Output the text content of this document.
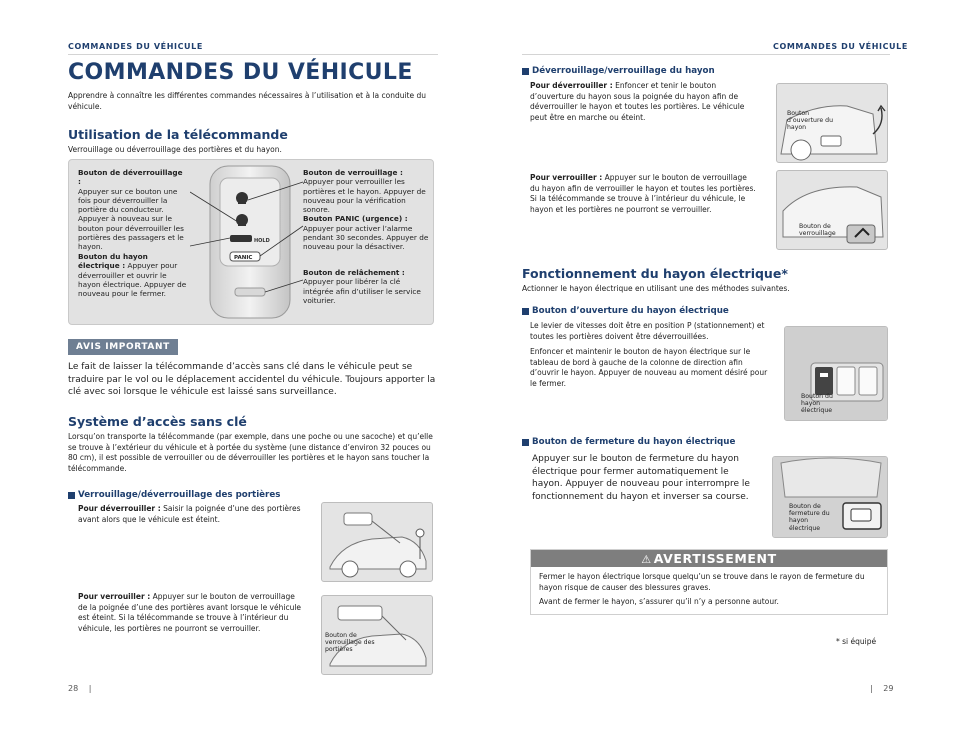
COMMANDES DU VÉHICULE
COMMANDES DU VÉHICULE
Apprendre à connaître les différentes commandes nécessaires à l’utilisation et à la conduite du véhicule.
Utilisation de la télécommande
Verrouillage ou déverrouillage des portières et du hayon.
Bouton de déverrouillage :
Appuyer sur ce bouton une fois pour déverrouiller la portière du conducteur. Appuyer à nouveau sur le bouton pour déverrouiller les portières des passagers et le hayon.
Bouton du hayon électrique : Appuyer pour déverrouiller et ouvrir le hayon électrique. Appuyer de nouveau pour le fermer.
Bouton de verrouillage :
Appuyer pour verrouiller les portières et le hayon. Appuyer de nouveau pour la vérification sonore.
Bouton PANIC (urgence) :
Appuyer pour activer l’alarme pendant 30 secondes. Appuyer de nouveau pour la désactiver.
Bouton de relâchement :
Appuyer pour libérer la clé intégrée afin d’utiliser le service voiturier.
HOLD
PANIC
AVIS IMPORTANT
Le fait de laisser la télécommande d’accès sans clé dans le véhicule peut se traduire par le vol ou le déplacement accidentel du véhicule. Toujours apporter la clé avec soi lorsque le véhicule est laissé sans surveillance.
Système d’accès sans clé
Lorsqu’on transporte la télécommande (par exemple, dans une poche ou une sacoche) et qu’elle se trouve à l’extérieur du véhicule et à portée du système (une distance d’environ 32 pouces ou 80 cm), il est possible de verrouiller ou de déverrouiller les portières et le hayon sans toucher la télécommande.
Verrouillage/déverrouillage des portières
Pour déverrouiller : Saisir la poignée d’une des portières avant alors que le véhicule est éteint.
Pour verrouiller : Appuyer sur le bouton de verrouillage de la poignée d’une des portières avant lorsque le véhicule est éteint. Si la télécommande se trouve à l’intérieur du véhicule, les portières ne pourront se verrouiller.
Bouton de verrouillage des portières
28 |
COMMANDES DU VÉHICULE
Déverrouillage/verrouillage du hayon
Pour déverrouiller : Enfoncer et tenir le bouton d’ouverture du hayon sous la poignée du hayon afin de déverrouiller le hayon et toutes les portières. Le véhicule peut être en marche ou éteint.	Bouton d’ouverture du hayon
Pour verrouiller : Appuyer sur le bouton de verrouillage du hayon afin de verrouiller le hayon et toutes les portières. Si la télécommande se trouve à l’intérieur du véhicule, le hayon et les portières ne pourront se verrouiller.
Bouton de verrouillage
Fonctionnement du hayon électrique*
Actionner le hayon électrique en utilisant une des méthodes suivantes.
Bouton d’ouverture du hayon électrique
Le levier de vitesses doit être en position P (stationnement) et toutes les portières doivent être déverrouillées.
Enfoncer et maintenir le bouton de hayon électrique sur le tableau de bord à gauche de la colonne de direction afin d’ouvrir le hayon. Appuyer de nouveau au moment désiré pour le fermer.
Bouton du hayon électrique
Bouton de fermeture du hayon électrique
Appuyer sur le bouton de fermeture du hayon électrique pour fermer automatiquement le hayon. Appuyer de nouveau pour interrompre le fonctionnement du hayon et inverser sa course.
Bouton de fermeture du hayon électrique
⚠ AVERTISSEMENT
Fermer le hayon électrique lorsque quelqu’un se trouve dans le rayon de fermeture du hayon risque de causer des blessures graves.
Avant de fermer le hayon, s’assurer qu’il n’y a personne autour.
* si équipé
| 29
